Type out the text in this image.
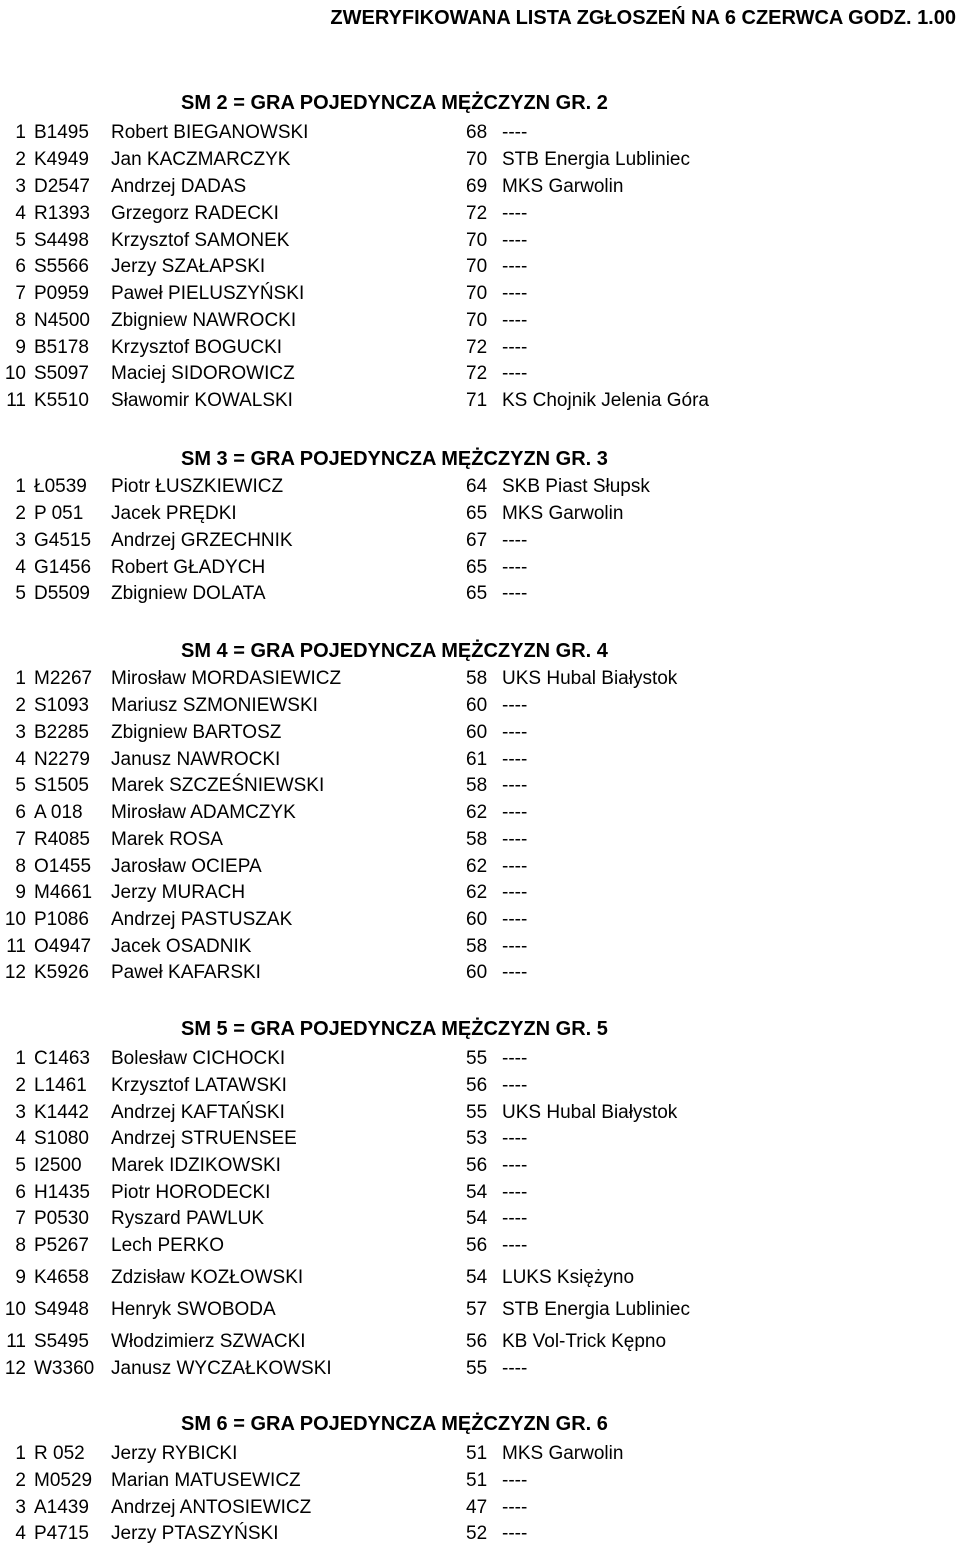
ZWERYFIKOWANA LISTA ZGŁOSZEŃ NA 6 CZERWCA GODZ. 1.00
SM 2 = GRA POJEDYNCZA MĘŻCZYZN GR. 2
1 B1495 Robert BIEGANOWSKI	68 ----
2 K4949 Jan KACZMARCZYK	70 STB Energia Lubliniec
3 D2547 Andrzej DADAS	69 MKS Garwolin
4 R1393 Grzegorz RADECKI	72 ----
5 S4498 Krzysztof SAMONEK	70 ----
6 S5566 Jerzy SZAŁAPSKI	70 ----
7 P0959 Paweł PIELUSZYŃSKI	70 ----
8 N4500 Zbigniew NAWROCKI	70 ----
9 B5178 Krzysztof BOGUCKI	72 ----
10 S5097 Maciej SIDOROWICZ	72 ----
11 K5510 Sławomir KOWALSKI	71 KS Chojnik Jelenia Góra
SM 3 = GRA POJEDYNCZA MĘŻCZYZN GR. 3
1 Ł0539 Piotr ŁUSZKIEWICZ	64 SKB Piast Słupsk
2 P 051 Jacek PRĘDKI	65 MKS Garwolin
3 G4515 Andrzej GRZECHNIK	67 ----
4 G1456 Robert GŁADYCH	65 ----
5 D5509 Zbigniew DOLATA	65 ----
SM 4 = GRA POJEDYNCZA MĘŻCZYZN GR. 4
1 M2267 Mirosław MORDASIEWICZ	58 UKS Hubal Białystok
2 S1093 Mariusz SZMONIEWSKI	60 ----
3 B2285 Zbigniew BARTOSZ	60 ----
4 N2279 Janusz NAWROCKI	61 ----
5 S1505 Marek SZCZEŚNIEWSKI	58 ----
6 A 018 Mirosław ADAMCZYK	62 ----
7 R4085 Marek ROSA	58 ----
8 O1455 Jarosław OCIEPA	62 ----
9 M4661 Jerzy MURACH	62 ----
10 P1086 Andrzej PASTUSZAK	60 ----
11 O4947 Jacek OSADNIK	58 ----
12 K5926 Paweł KAFARSKI	60 ----
SM 5 = GRA POJEDYNCZA MĘŻCZYZN GR. 5
1 C1463 Bolesław CICHOCKI	55 ----
2 L1461 Krzysztof LATAWSKI	56 ----
3 K1442 Andrzej KAFTAŃSKI	55 UKS Hubal Białystok
4 S1080 Andrzej STRUENSEE	53 ----
5 I2500 Marek IDZIKOWSKI	56 ----
6 H1435 Piotr HORODECKI	54 ----
7 P0530 Ryszard PAWLUK	54 ----
8 P5267 Lech PERKO	56 ----
9 K4658 Zdzisław KOZŁOWSKI	54 LUKS Księżyno
10 S4948 Henryk SWOBODA	57 STB Energia Lubliniec
11 S5495 Włodzimierz SZWACKI	56 KB Vol-Trick Kępno
12 W3360 Janusz WYCZAŁKOWSKI	55 ----
SM 6 = GRA POJEDYNCZA MĘŻCZYZN GR. 6
1 R 052 Jerzy RYBICKI	51 MKS Garwolin
2 M0529 Marian MATUSEWICZ	51 ----
3 A1439 Andrzej ANTOSIEWICZ	47 ----
4 P4715 Jerzy PTASZYŃSKI	52 ----
